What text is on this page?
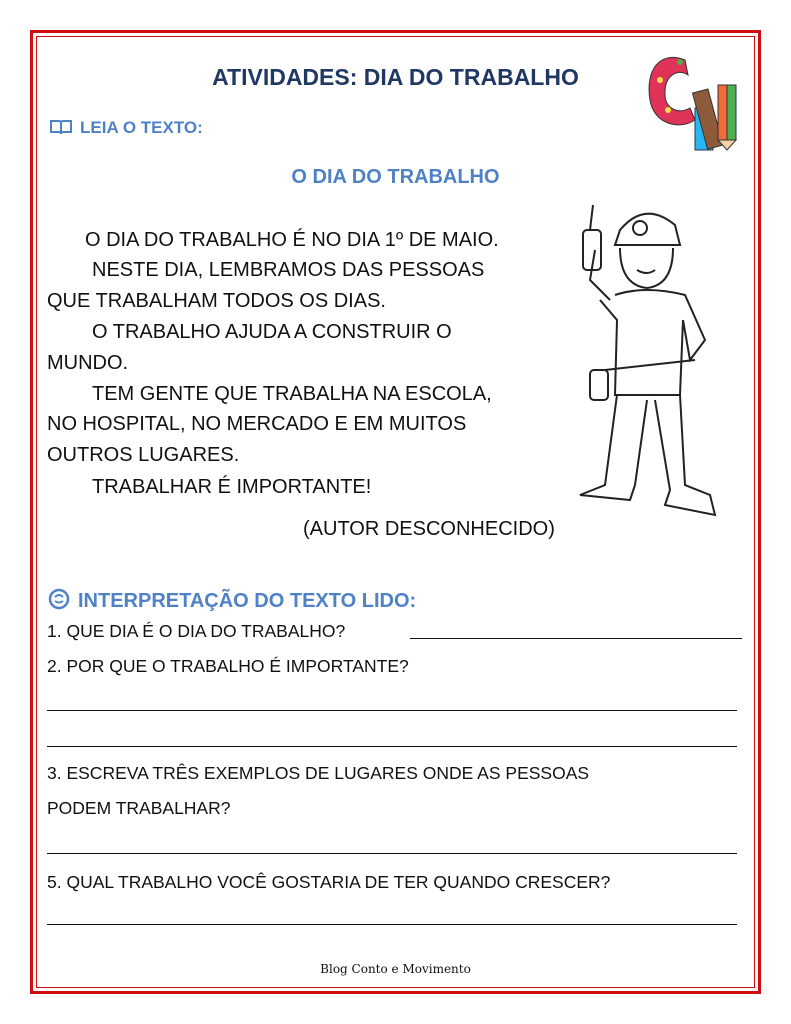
ATIVIDADES: DIA DO TRABALHO
LEIA O TEXTO:
O DIA DO TRABALHO
O DIA DO TRABALHO É NO DIA 1º DE MAIO.
NESTE DIA, LEMBRAMOS DAS PESSOAS
QUE TRABALHAM TODOS OS DIAS.
O TRABALHO AJUDA A CONSTRUIR O
MUNDO.
TEM GENTE QUE TRABALHA NA ESCOLA,
NO HOSPITAL, NO MERCADO E EM MUITOS
OUTROS LUGARES.
TRABALHAR É IMPORTANTE!
(AUTOR DESCONHECIDO)
INTERPRETAÇÃO DO TEXTO LIDO:
1. QUE DIA É O DIA DO TRABALHO?
2. POR QUE O TRABALHO É IMPORTANTE?
3. ESCREVA TRÊS EXEMPLOS DE LUGARES ONDE AS PESSOAS
PODEM TRABALHAR?
5. QUAL TRABALHO VOCÊ GOSTARIA DE TER QUANDO CRESCER?
Blog Conto e Movimento
